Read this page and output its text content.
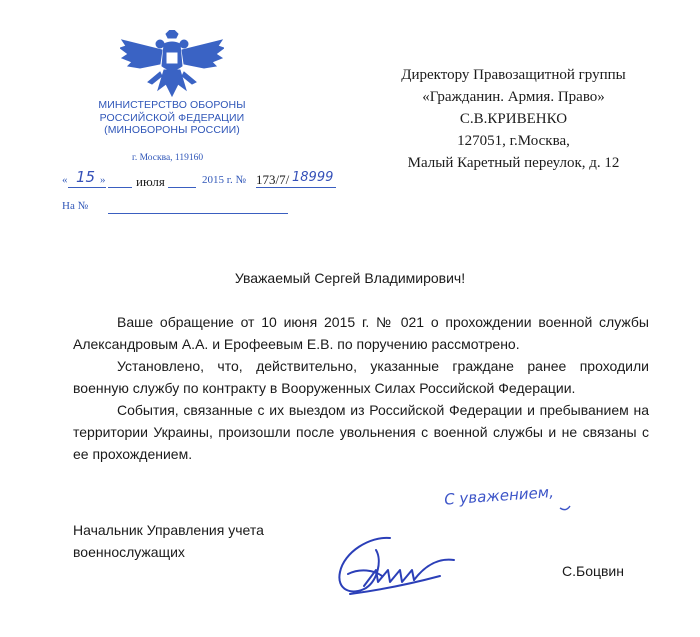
МИНИСТЕРСТВО ОБОРОНЫ
РОССИЙСКОЙ ФЕДЕРАЦИИ
(МИНОБОРОНЫ РОССИИ)
г. Москва, 119160
« 15 » июля	2015 г. № 173/7/ 18999
На №
Директору Правозащитной группы
«Гражданин. Армия. Право»
С.В.КРИВЕНКО
127051, г.Москва,
Малый Каретный переулок, д. 12
Уважаемый Сергей Владимирович!

Ваше обращение от 10 июня 2015 г. № 021 о прохождении военной службы Александровым А.А. и Ерофеевым Е.В. по поручению рассмотрено.

Установлено, что, действительно, указанные граждане ранее проходили военную службу по контракту в Вооруженных Силах Российской Федерации.

События, связанные с их выездом из Российской Федерации и пребыванием на территории Украины, произошли после увольнения с военной службы и не связаны с ее прохождением.

С уважением,
Начальник Управления учета
военнослужащих
С.Боцвин
